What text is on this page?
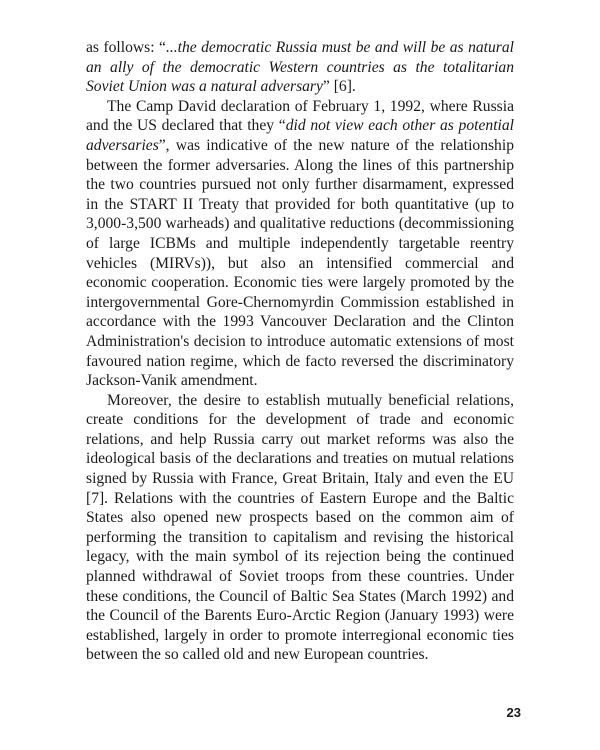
as follows: “...the democratic Russia must be and will be as natural an ally of the democratic Western countries as the totalitarian Soviet Union was a natural adversary” [6].

The Camp David declaration of February 1, 1992, where Russia and the US declared that they “did not view each other as potential adversaries”, was indicative of the new nature of the relationship between the former adversaries. Along the lines of this partnership the two countries pursued not only further disarmament, expressed in the START II Treaty that provided for both quantitative (up to 3,000-3,500 warheads) and qualitative reductions (decommissioning of large ICBMs and multiple independently targetable reentry vehicles (MIRVs)), but also an intensified commercial and economic cooperation. Economic ties were largely promoted by the intergovernmental Gore-Chernomyrdin Commission established in accordance with the 1993 Vancouver Declaration and the Clinton Administration's decision to introduce automatic extensions of most favoured nation regime, which de facto reversed the discriminatory Jackson-Vanik amendment.

Moreover, the desire to establish mutually beneficial relations, create conditions for the development of trade and economic relations, and help Russia carry out market reforms was also the ideological basis of the declarations and treaties on mutual relations signed by Russia with France, Great Britain, Italy and even the EU [7]. Relations with the countries of Eastern Europe and the Baltic States also opened new prospects based on the common aim of performing the transition to capitalism and revising the historical legacy, with the main symbol of its rejection being the continued planned withdrawal of Soviet troops from these countries. Under these conditions, the Council of Baltic Sea States (March 1992) and the Council of the Barents Euro-Arctic Region (January 1993) were established, largely in order to promote interregional economic ties between the so called old and new European countries.

23
